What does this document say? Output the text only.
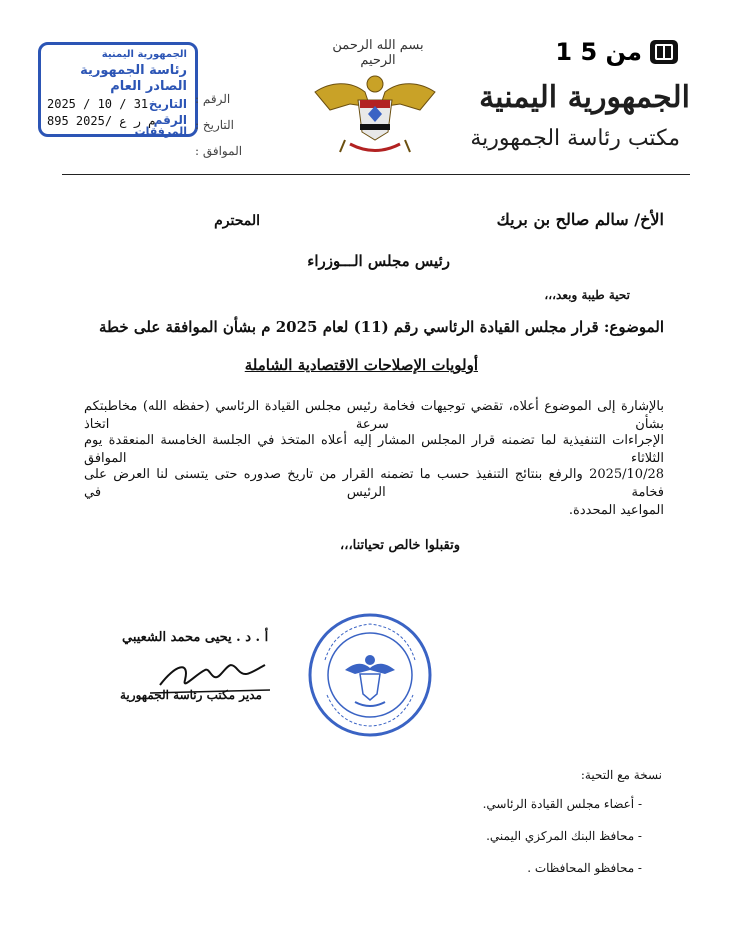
1 من 5
الجمهورية اليمنية
مكتب رئاسة الجمهورية
بسم الله الرحمن الرحيم
الجمهورية اليمنية
رئاسة الجمهورية
الصادر العام
التاريخ
الرقم
المرفقات
2025 / 10 / 31
895 م ر ع /2025
الرقم :
التاريخ :
الموافق :
الأخ/ سالم صالح بن بريك
المحترم
رئيس مجلس الـــوزراء
تحية طيبة وبعد،،،
الموضوع: قرار مجلس القيادة الرئاسي رقم (11) لعام 2025 م بشأن الموافقة على خطة
أولويات الإصلاحات الاقتصادية الشاملة
بالإشارة إلى الموضوع أعلاه، تقضي توجيهات فخامة رئيس مجلس القيادة الرئاسي (حفظه الله) مخاطبتكم بشأن سرعة اتخاذ
الإجراءات التنفيذية لما تضمنه قرار المجلس المشار إليه أعلاه المتخذ في الجلسة الخامسة المنعقدة يوم الثلاثاء الموافق
2025/10/28 والرفع بنتائج التنفيذ حسب ما تضمنه القرار من تاريخ صدوره حتى يتسنى لنا العرض على فخامة الرئيس في
المواعيد المحددة.
وتقبلوا خالص تحياتنا،،،
أ . د . يحيى محمد الشعيبي
مدير مكتب رئاسة الجمهورية
نسخة مع التحية:
- أعضاء مجلس القيادة الرئاسي.
- محافظ البنك المركزي اليمني.
- محافظو المحافظات .
